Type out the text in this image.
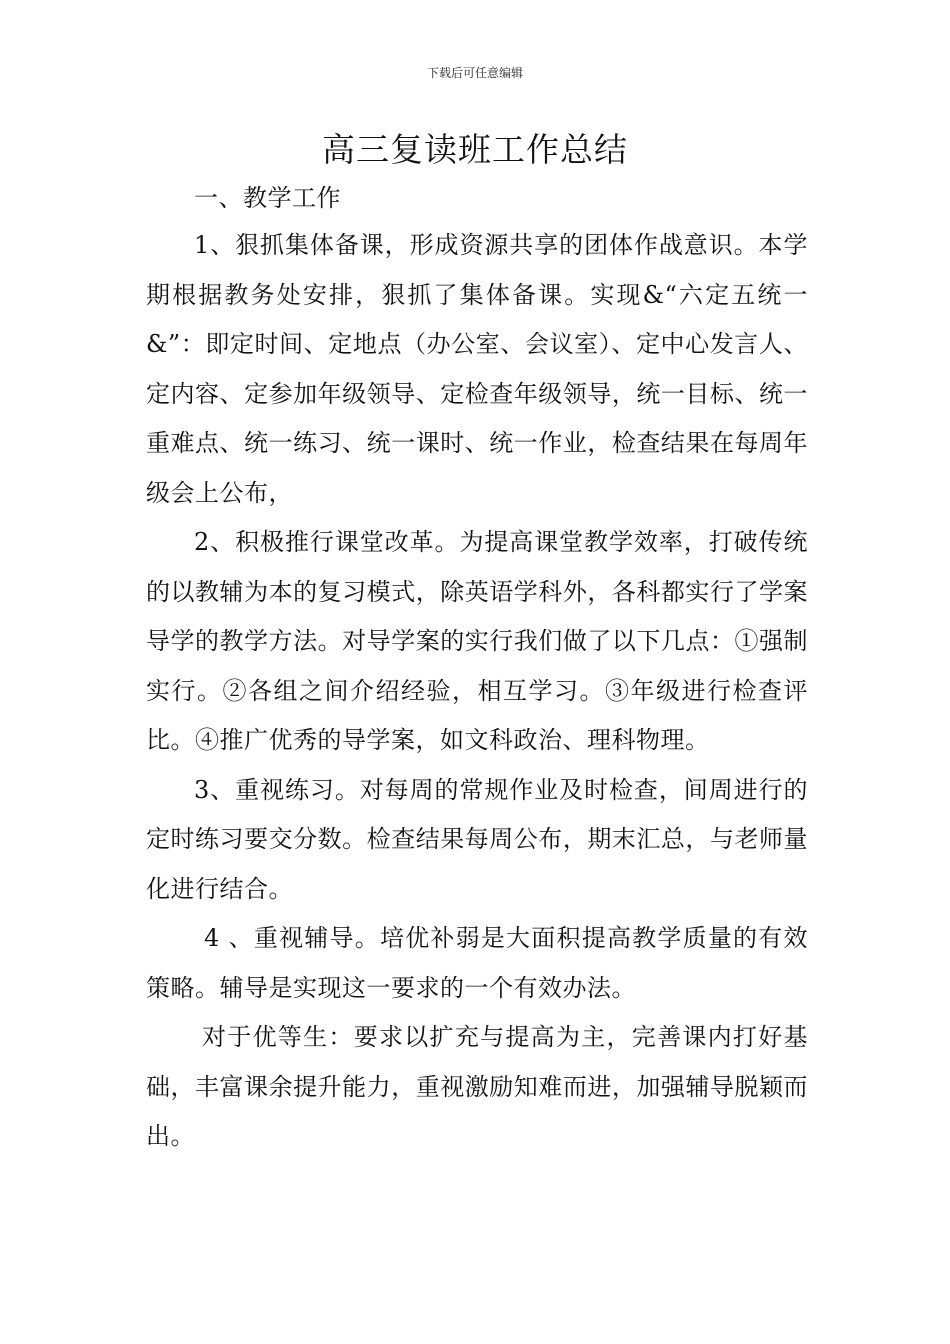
下载后可任意编辑
高三复读班工作总结

一、教学工作

1、狠抓集体备课，形成资源共享的团体作战意识。本学期根据教务处安排，狠抓了集体备课。实现&“六定五统一&”：即定时间、定地点（办公室、会议室）、定中心发言人、定内容、定参加年级领导、定检查年级领导，统一目标、统一重难点、统一练习、统一课时、统一作业，检查结果在每周年级会上公布，

2、积极推行课堂改革。为提高课堂教学效率，打破传统的以教辅为本的复习模式，除英语学科外，各科都实行了学案导学的教学方法。对导学案的实行我们做了以下几点：①强制实行。②各组之间介绍经验，相互学习。③年级进行检查评比。④推广优秀的导学案，如文科政治、理科物理。

3、重视练习。对每周的常规作业及时检查，间周进行的定时练习要交分数。检查结果每周公布，期末汇总，与老师量化进行结合。

4 、重视辅导。培优补弱是大面积提高教学质量的有效策略。辅导是实现这一要求的一个有效办法。

对于优等生：要求以扩充与提高为主，完善课内打好基础，丰富课余提升能力，重视激励知难而进，加强辅导脱颖而出。
